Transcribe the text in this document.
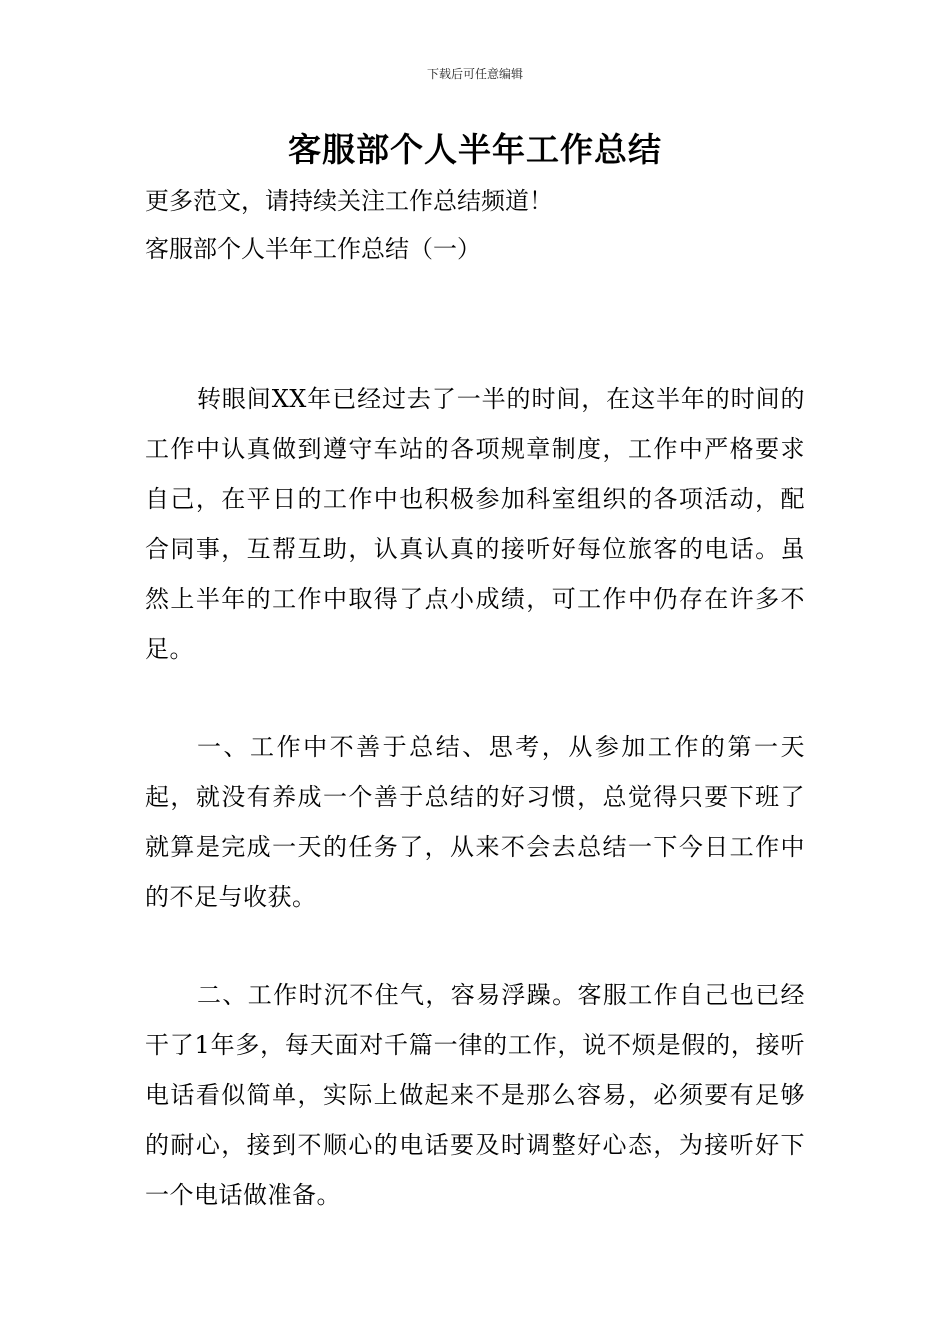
下载后可任意编辑
客服部个人半年工作总结

更多范文，请持续关注工作总结频道！

客服部个人半年工作总结（一）

转眼间XX年已经过去了一半的时间，在这半年的时间的工作中认真做到遵守车站的各项规章制度，工作中严格要求自己，在平日的工作中也积极参加科室组织的各项活动，配合同事，互帮互助，认真认真的接听好每位旅客的电话。虽然上半年的工作中取得了点小成绩，可工作中仍存在许多不足。

一、工作中不善于总结、思考，从参加工作的第一天起，就没有养成一个善于总结的好习惯，总觉得只要下班了就算是完成一天的任务了，从来不会去总结一下今日工作中的不足与收获。

二、工作时沉不住气，容易浮躁。客服工作自己也已经干了1年多，每天面对千篇一律的工作，说不烦是假的，接听电话看似简单，实际上做起来不是那么容易，必须要有足够的耐心，接到不顺心的电话要及时调整好心态，为接听好下一个电话做准备。
